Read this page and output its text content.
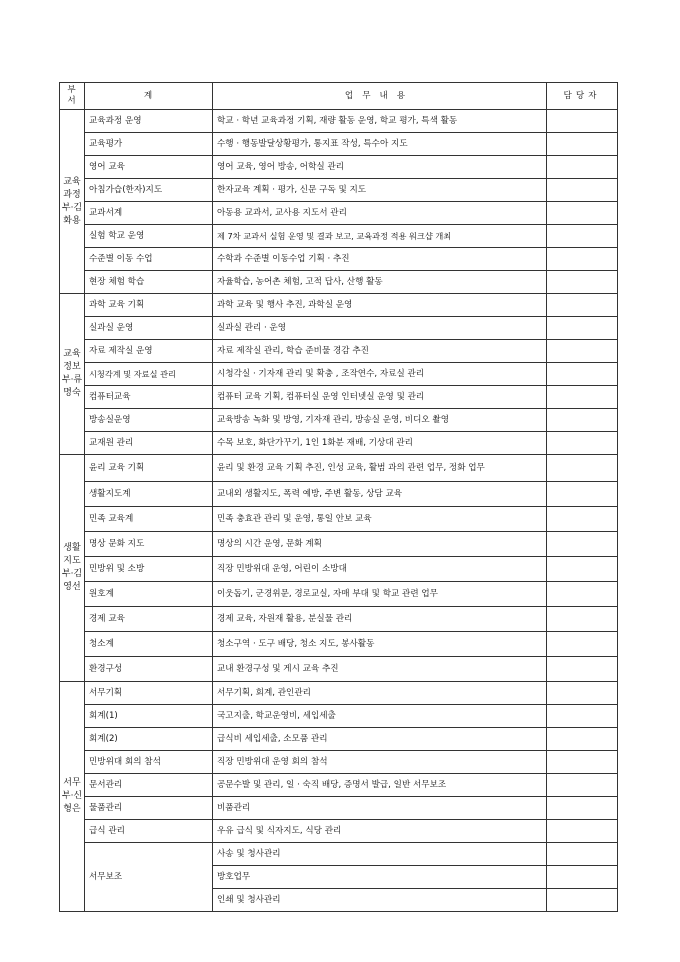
부서	계	업무내용	담당자
교육과정부·김화용	교육과정 운영	학교 · 학년 교육과정 기획, 재량 활동 운영, 학교 평가, 특색 활동	
	교육평가	수행 · 행동발달상황평가, 통지표 작성, 특수아 지도	
	영어 교육	영어 교육, 영어 방송, 어학실 관리	
	아침가습(한자)지도	한자교육 계획 · 평가, 신문 구독 및 지도	
	교과서계	아동용 교과서, 교사용 지도서 관리	
	실험 학교 운영	제 7차 교과서 실험 운영 및 결과 보고, 교육과정 적용 워크샵 개최	
	수준별 이동 수업	수학과 수준별 이동수업 기획 · 추진	
	현장 체험 학습	자율학습, 농어촌 체험, 고적 답사, 산행 활동	
교육정보부·류명숙	과학 교육 기획	과학 교육 및 행사 추진, 과학실 운영	
	실과실 운영	실과실 관리 · 운영	
	자료 제작실 운영	자료 제작실 관리, 학습 준비물 경감 추진	
	시청각계 및 자료실 관리	시청각실 · 기자재 관리 및 확충 , 조작연수, 자료실 관리	
	컴퓨터교육	컴퓨터 교육 기획, 컴퓨터실 운영 인터넷실 운영 및 관리	
	방송실운영	교육방송 녹화 및 방영, 기자재 관리, 방송실 운영, 비디오 촬영	
	교재원 관리	수목 보호, 화단가꾸기, 1인 1화분 재배, 기상대 관리	
생활지도부·김영선	윤리 교육 기획	윤리 및 환경 교육 기획 추진, 인성 교육, 활범 과의 관련 업무, 정화 업무	
	생활지도계	교내외 생활지도, 폭력 예방, 주변 활동, 상담 교육	
	민족 교육계	민족 충효관 관리 및 운영, 통일 안보 교육	
	명상 문화 지도	명상의 시간 운영, 문화 계획	
	민방위 및 소방	직장 민방위대 운영, 어린이 소방대	
	원호계	이웃돕기, 군경위문, 경로교실, 자매 부대 및 학교 관련 업무	
	경제 교육	경제 교육, 자원재 활용, 분실물 관리	
	청소계	청소구역 · 도구 배당, 청소 지도, 봉사활동	
	환경구성	교내 환경구성 및 게시 교육 추진	
서무부·신형은	서무기획	서무기획, 회계, 관인관리	
	회계(1)	국고지출, 학교운영비, 세입세출	
	회계(2)	급식비 세입세출, 소모품 관리	
	민방위대 회의 참석	직장 민방위대 운영 회의 참석	
	문서관리	공문수발 및 관리, 일 · 숙직 배당, 증명서 발급, 일반 서무보조	
	물품관리	비품관리	
	급식 관리	우유 급식 및 식자지도, 식당 관리	
	서무보조	사송 및 청사관리	
		방호업무	
		인쇄 및 청사관리	
